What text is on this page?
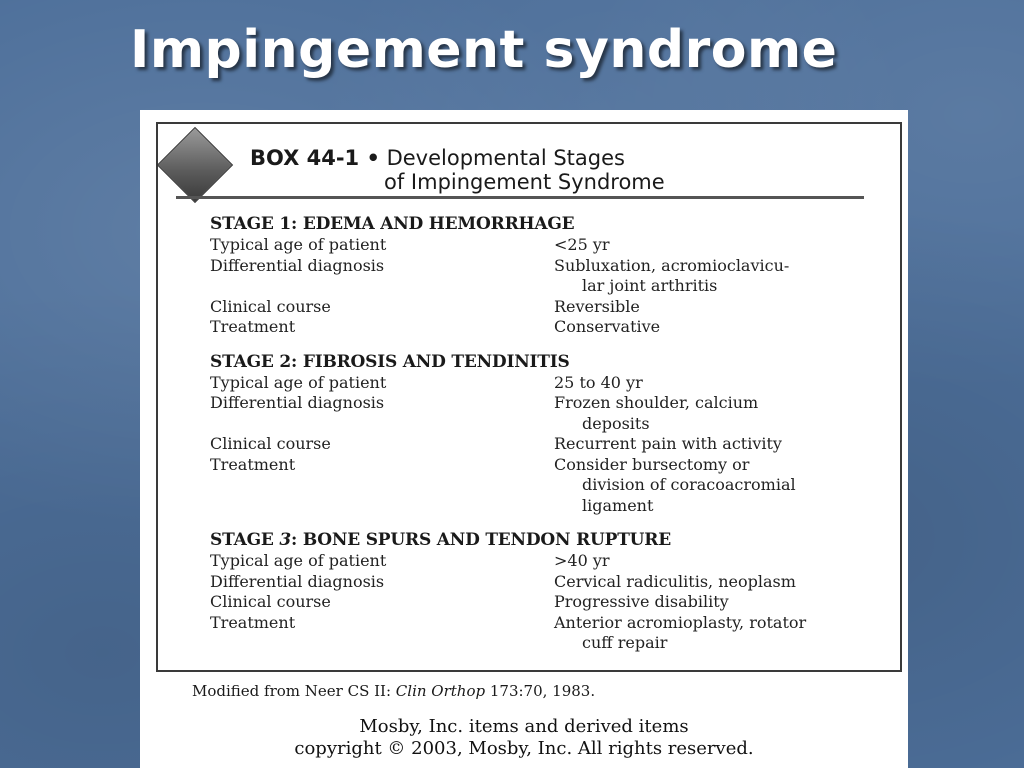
Impingement syndrome
BOX 44-1 • Developmental Stages
of Impingement Syndrome
STAGE 1: EDEMA AND HEMORRHAGE
Typical age of patient	<25 yr
Differential diagnosis	Subluxation, acromioclavicu-
lar joint arthritis
Clinical course	Reversible
Treatment	Conservative
STAGE 2: FIBROSIS AND TENDINITIS
Typical age of patient	25 to 40 yr
Differential diagnosis	Frozen shoulder, calcium
deposits
Clinical course	Recurrent pain with activity
Treatment	Consider bursectomy or
division of coracoacromial
ligament
STAGE 3: BONE SPURS AND TENDON RUPTURE
Typical age of patient	>40 yr
Differential diagnosis	Cervical radiculitis, neoplasm
Clinical course	Progressive disability
Treatment	Anterior acromioplasty, rotator
cuff repair
Modified from Neer CS II: Clin Orthop 173:70, 1983.
Mosby, Inc. items and derived items
copyright © 2003, Mosby, Inc. All rights reserved.
